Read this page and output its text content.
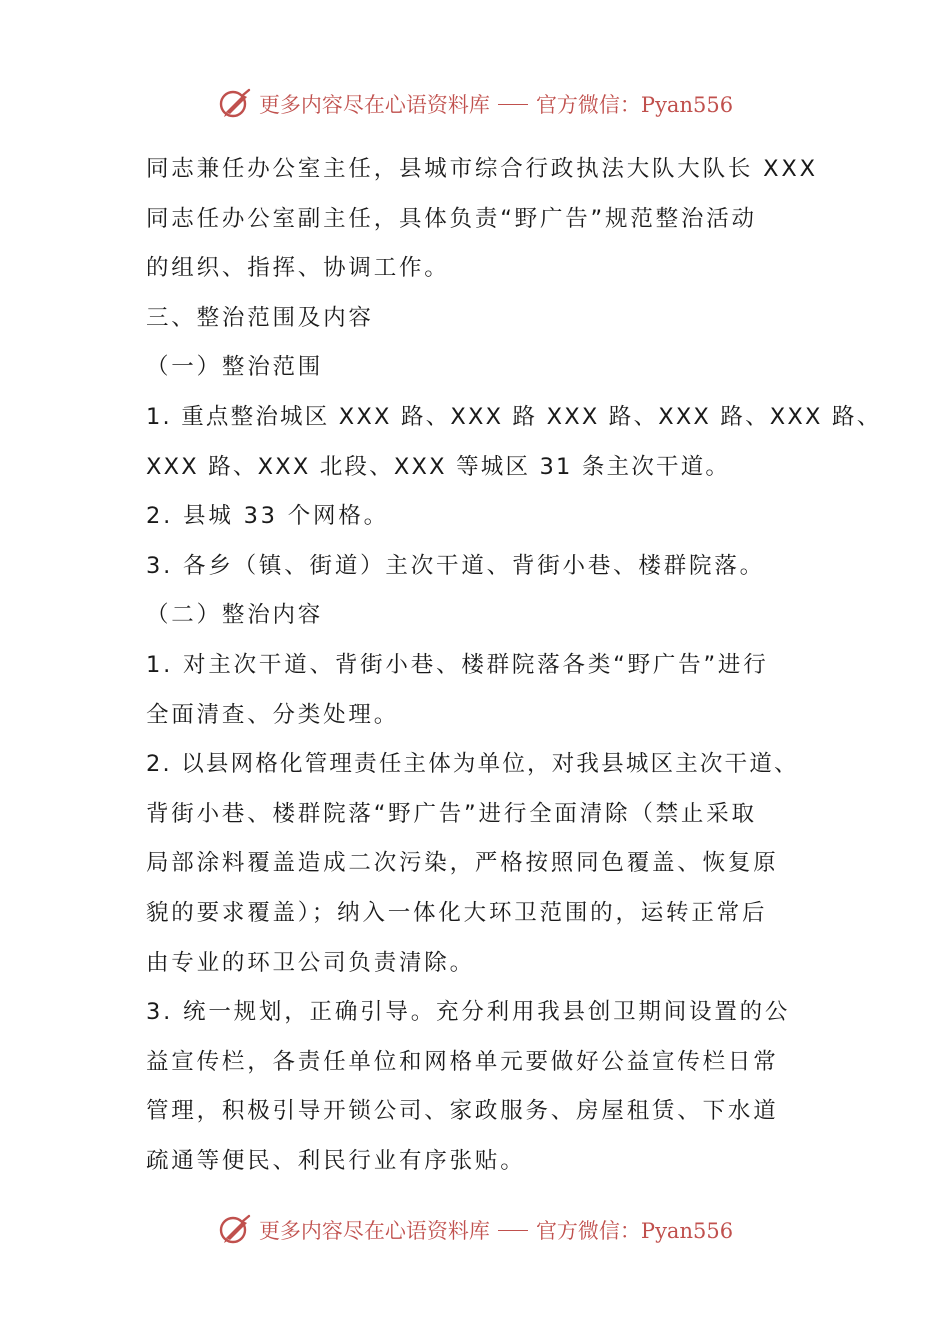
更多内容尽在心语资料库 官方微信：Pyan556
同志兼任办公室主任，县城市综合行政执法大队大队长 XXX
同志任办公室副主任，具体负责“野广告”规范整治活动
的组织、指挥、协调工作。
三、整治范围及内容
（一）整治范围
1. 重点整治城区 XXX 路、XXX 路 XXX 路、XXX 路、XXX 路、
XXX 路、XXX 北段、XXX 等城区 31 条主次干道。
2. 县城 33 个网格。
3. 各乡（镇、街道）主次干道、背街小巷、楼群院落。
（二）整治内容
1. 对主次干道、背街小巷、楼群院落各类“野广告”进行
全面清查、分类处理。
2. 以县网格化管理责任主体为单位，对我县城区主次干道、
背街小巷、楼群院落“野广告”进行全面清除（禁止采取
局部涂料覆盖造成二次污染，严格按照同色覆盖、恢复原
貌的要求覆盖）；纳入一体化大环卫范围的，运转正常后
由专业的环卫公司负责清除。
3. 统一规划，正确引导。充分利用我县创卫期间设置的公
益宣传栏，各责任单位和网格单元要做好公益宣传栏日常
管理，积极引导开锁公司、家政服务、房屋租赁、下水道
疏通等便民、利民行业有序张贴。
更多内容尽在心语资料库 官方微信：Pyan556
